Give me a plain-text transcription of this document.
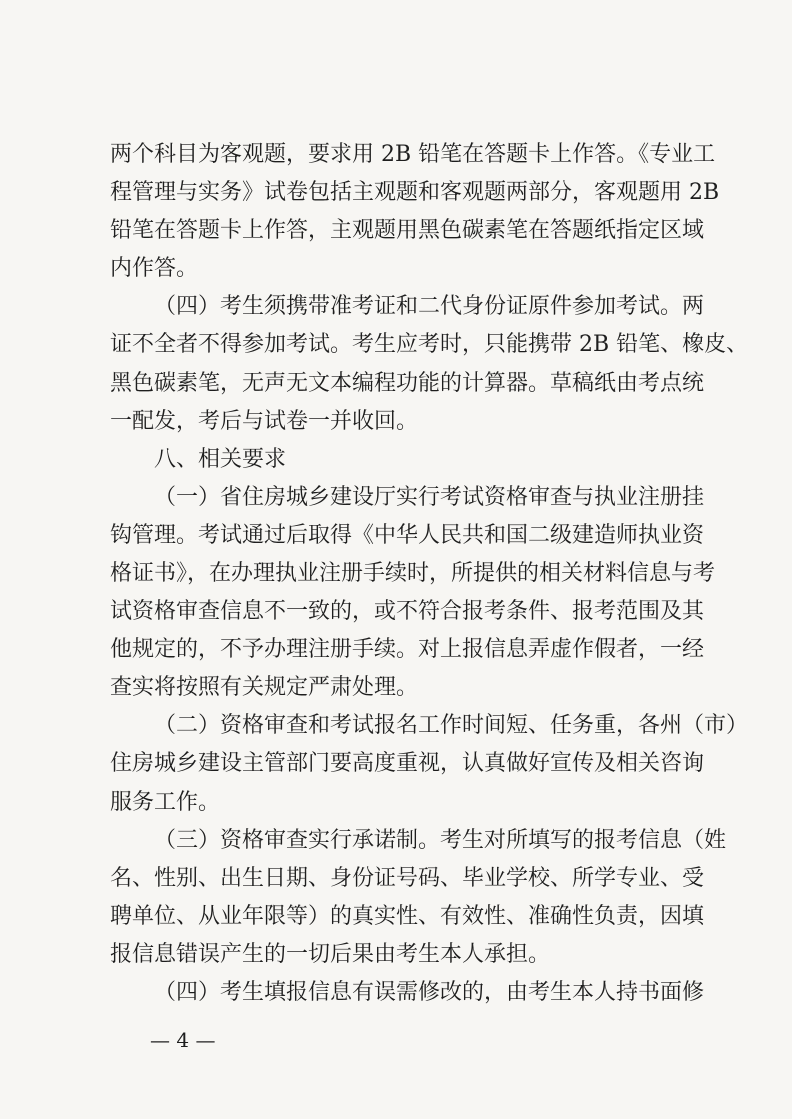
两个科目为客观题，要求用 2B 铅笔在答题卡上作答。《专业工

程管理与实务》试卷包括主观题和客观题两部分，客观题用 2B

铅笔在答题卡上作答，主观题用黑色碳素笔在答题纸指定区域

内作答。

（四）考生须携带准考证和二代身份证原件参加考试。两

证不全者不得参加考试。考生应考时，只能携带 2B 铅笔、橡皮、

黑色碳素笔，无声无文本编程功能的计算器。草稿纸由考点统

一配发，考后与试卷一并收回。

八、相关要求

（一）省住房城乡建设厅实行考试资格审查与执业注册挂

钩管理。考试通过后取得《中华人民共和国二级建造师执业资

格证书》，在办理执业注册手续时，所提供的相关材料信息与考

试资格审查信息不一致的，或不符合报考条件、报考范围及其

他规定的，不予办理注册手续。对上报信息弄虚作假者，一经

查实将按照有关规定严肃处理。

（二）资格审查和考试报名工作时间短、任务重，各州（市）

住房城乡建设主管部门要高度重视，认真做好宣传及相关咨询

服务工作。

（三）资格审查实行承诺制。考生对所填写的报考信息（姓

名、性别、出生日期、身份证号码、毕业学校、所学专业、受

聘单位、从业年限等）的真实性、有效性、准确性负责，因填

报信息错误产生的一切后果由考生本人承担。

（四）考生填报信息有误需修改的，由考生本人持书面修

— 4 —
